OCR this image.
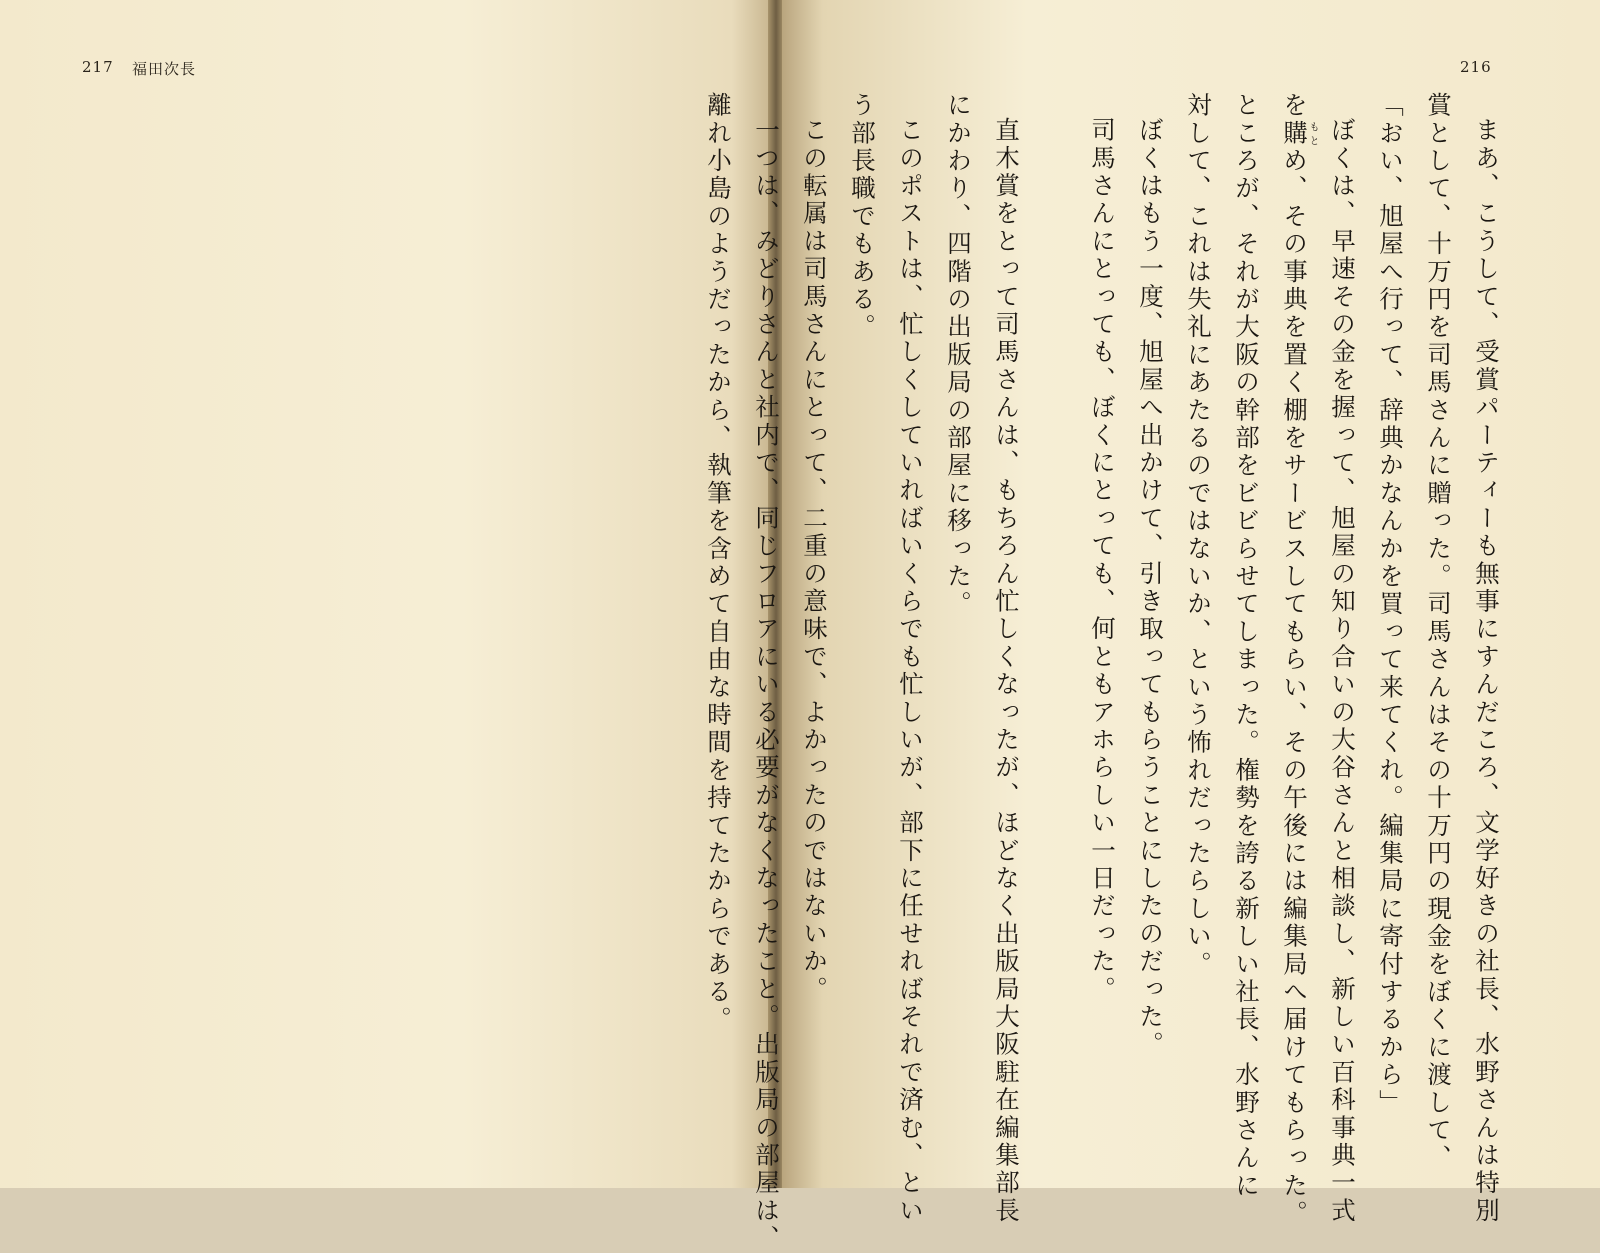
217 福田次長	216

まあ、こうして、受賞パーティーも無事にすんだころ、文学好きの社長、水野さんは特別

賞として、十万円を司馬さんに贈った。司馬さんはその十万円の現金をぼくに渡して、

「おい、旭屋へ行って、辞典かなんかを買って来てくれ。編集局に寄付するから」

ぼくは、早速その金を握って、旭屋の知り合いの大谷さんと相談し、新しい百科事典一式

を購もとめ、その事典を置く棚をサービスしてもらい、その午後には編集局へ届けてもらった。

ところが、それが大阪の幹部をビビらせてしまった。権勢を誇る新しい社長、水野さんに

対して、これは失礼にあたるのではないか、という怖れだったらしい。

ぼくはもう一度、旭屋へ出かけて、引き取ってもらうことにしたのだった。

司馬さんにとっても、ぼくにとっても、何ともアホらしい一日だった。

直木賞をとって司馬さんは、もちろん忙しくなったが、ほどなく出版局大阪駐在編集部長

にかわり、四階の出版局の部屋に移った。

このポストは、忙しくしていればいくらでも忙しいが、部下に任せればそれで済む、とい

う部長職でもある。

この転属は司馬さんにとって、二重の意味で、よかったのではないか。

一つは、みどりさんと社内で、同じフロアにいる必要がなくなったこと。出版局の部屋は、

離れ小島のようだったから、執筆を含めて自由な時間を持てたからである。
